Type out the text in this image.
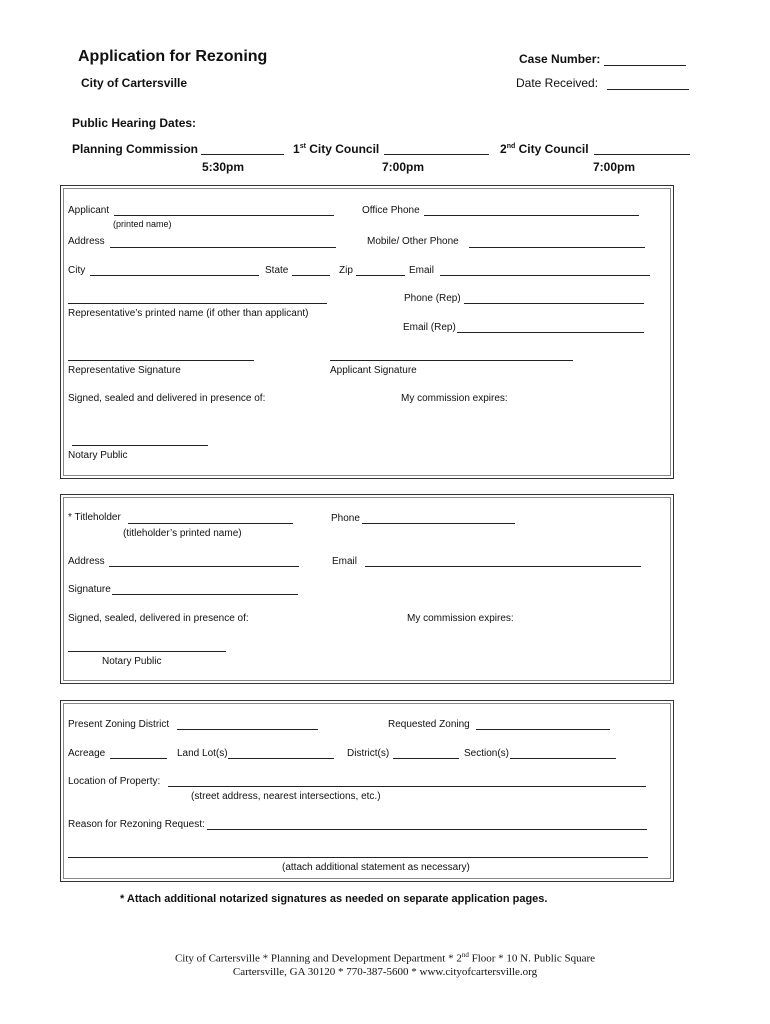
Application for Rezoning
City of Cartersville
Case Number:
Date Received:
Public Hearing Dates:
Planning Commission	1st City Council	2nd City Council
5:30pm	7:00pm	7:00pm
Applicant
(printed name)
Office Phone
Address	Mobile/ Other Phone
City	State	Zip	Email
Phone (Rep)
Representative’s printed name (if other than applicant)
Email (Rep)
Representative Signature	Applicant Signature
Signed, sealed and delivered in presence of:	My commission expires:
Notary Public
* Titleholder
(titleholder’s printed name)
Phone
Address	Email
Signature
Signed, sealed, delivered in presence of:	My commission expires:
Notary Public
Present Zoning District	Requested Zoning
Acreage	Land Lot(s)	District(s)	Section(s)
Location of Property:
(street address, nearest intersections, etc.)
Reason for Rezoning Request:
(attach additional statement as necessary)
* Attach additional notarized signatures as needed on separate application pages.
City of Cartersville * Planning and Development Department * 2nd Floor * 10 N. Public Square
Cartersville, GA 30120 * 770-387-5600 * www.cityofcartersville.org
